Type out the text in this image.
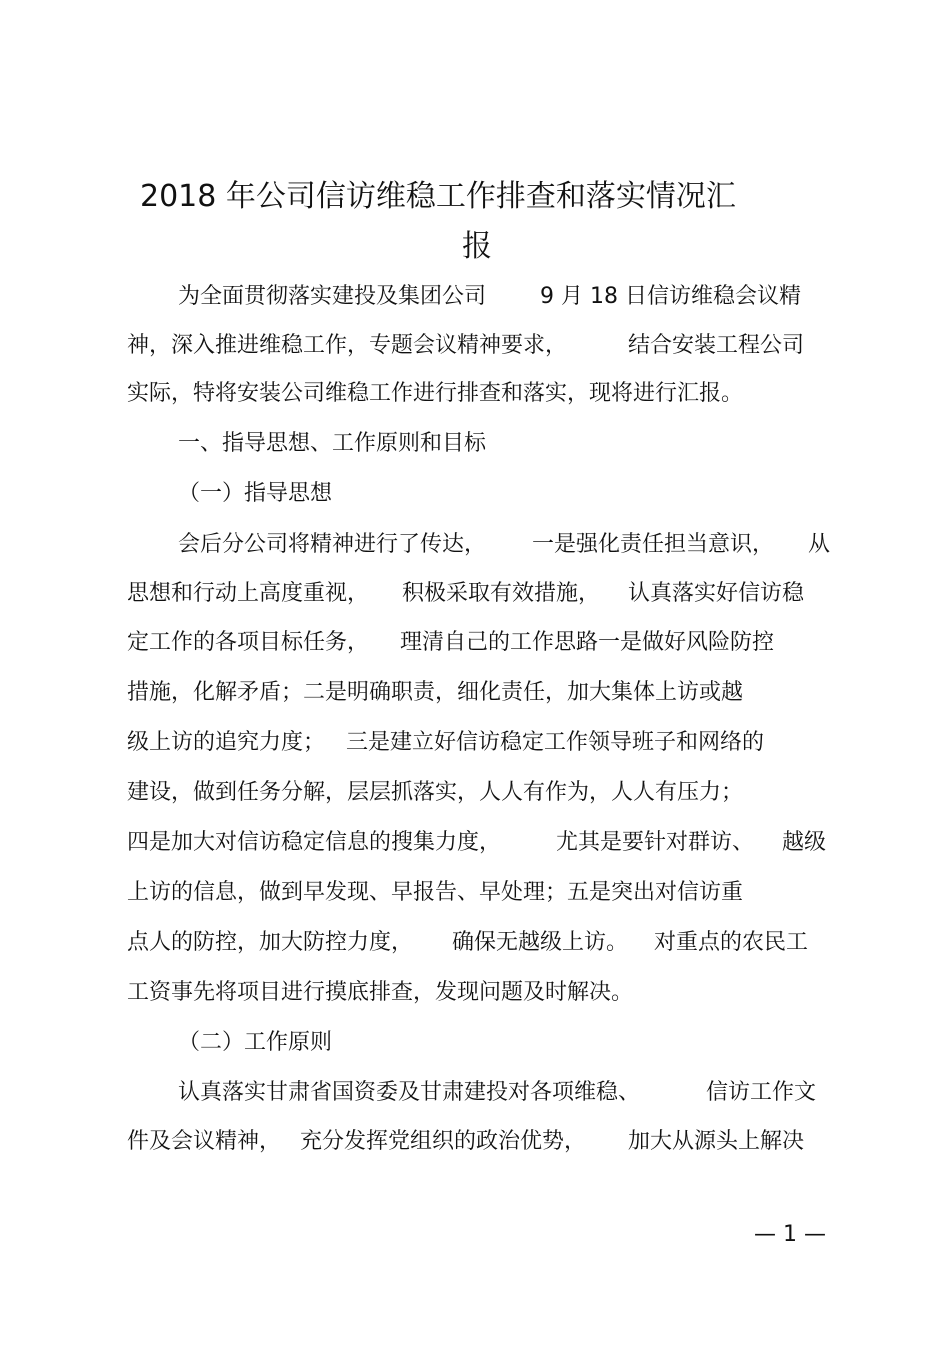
2018 年公司信访维稳工作排查和落实情况汇
报
为全面贯彻落实建投及集团公司 9 月 18 日信访维稳会议精
神，深入推进维稳工作，专题会议精神要求，	结合安装工程公司
实际，特将安装公司维稳工作进行排查和落实，现将进行汇报。
一、指导思想、工作原则和目标
（一）指导思想
会后分公司将精神进行了传达， 一是强化责任担当意识， 从
思想和行动上高度重视， 积极采取有效措施， 认真落实好信访稳
定工作的各项目标任务， 理清自己的工作思路一是做好风险防控
措施，化解矛盾；二是明确职责，细化责任，加大集体上访或越
级上访的追究力度； 三是建立好信访稳定工作领导班子和网络的
建设，做到任务分解，层层抓落实，人人有作为，人人有压力；
四是加大对信访稳定信息的搜集力度， 尤其是要针对群访、 越级
上访的信息，做到早发现、早报告、早处理；五是突出对信访重
点人的防控，加大防控力度， 确保无越级上访。 对重点的农民工
工资事先将项目进行摸底排查，发现问题及时解决。
（二）工作原则
认真落实甘肃省国资委及甘肃建投对各项维稳、	信访工作文
件及会议精神， 充分发挥党组织的政治优势， 加大从源头上解决
— 1 —
